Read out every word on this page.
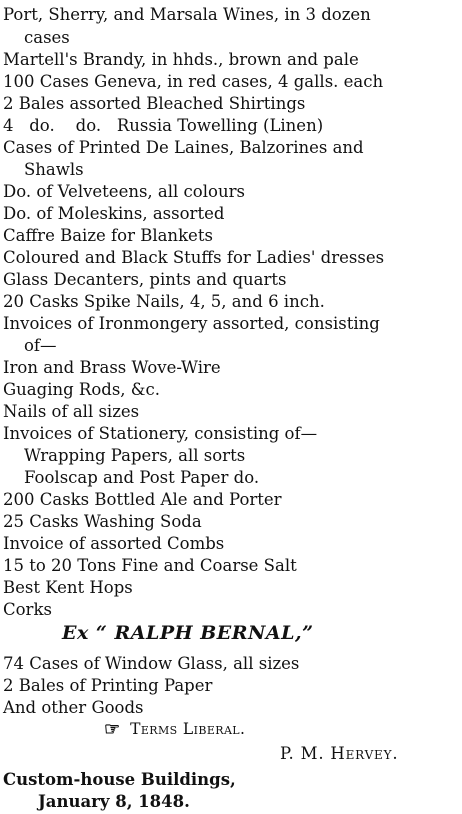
Port, Sherry, and Marsala Wines, in 3 dozen
cases
Martell's Brandy, in hhds., brown and pale
100 Cases Geneva, in red cases, 4 galls. each
2 Bales assorted Bleached Shirtings
4   do.    do.   Russia Towelling (Linen)
Cases of Printed De Laines, Balzorines and
Shawls
Do. of Velveteens, all colours
Do. of Moleskins, assorted
Caffre Baize for Blankets
Coloured and Black Stuffs for Ladies' dresses
Glass Decanters, pints and quarts
20 Casks Spike Nails, 4, 5, and 6 inch.
Invoices of Ironmongery assorted, consisting
of—
Iron and Brass Wove-Wire
Guaging Rods, &c.
Nails of all sizes
Invoices of Stationery, consisting of—
Wrapping Papers, all sorts
Foolscap and Post Paper do.
200 Casks Bottled Ale and Porter
25 Casks Washing Soda
Invoice of assorted Combs
15 to 20 Tons Fine and Coarse Salt
Best Kent Hops
Corks
Ex “ RALPH BERNAL,”
74 Cases of Window Glass, all sizes
2 Bales of Printing Paper
And other Goods
☞ Terms Liberal.
P. M. Hervey.
Custom-house Buildings,
January 8, 1848.
